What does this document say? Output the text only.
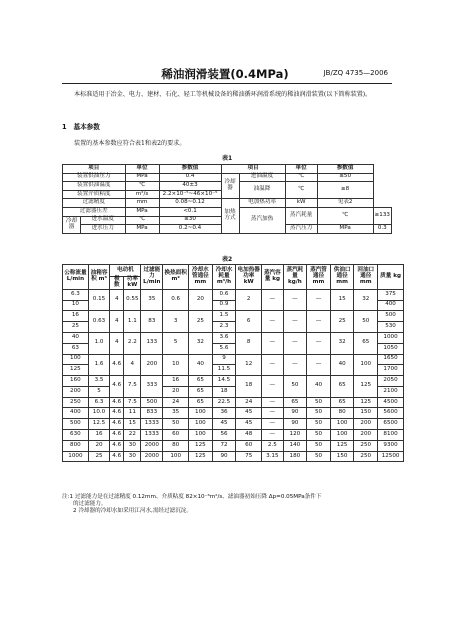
稀油润滑装置(0.4MPa)	JB/ZQ 4735—2006
本标准适用于冶金、电力、建材、石化、轻工等机械设备的稀油循环润滑系统的稀油润滑装置(以下简称装置)。
1 基本参数
装置的基本参数应符合表1和表2的要求。
表1
项目		单位	参数值	项目		单位	参数值	
装置供油压力		MPa	0.4	冷却器	进油温度	℃	≤50	
装置供油温度		℃	40±3		油温降	℃	≥8	
装置介质粘度		m²/s	2.2×10⁻⁵~46×10⁻⁵					
过滤精度		mm	0.08~0.12	加热方式	电加热功率	kW	见表2	
过滤器压差		MPa	<0.1		蒸汽加热	蒸汽耗量	℃	≥133
冷却器	进水温度	℃	≤30					
	进水压力	MPa	0.2~0.4			蒸汽压力	MPa	0.3
表2
公称流量 L/min	油箱容积 m³	电动机		过滤能力 L/min	换热面积 m²	冷却水管通径 mm	冷却水耗量 m³/h	电加热器功率 kW	蒸汽容量 kg	蒸汽耗量 kg/h	蒸汽管通径 mm	供油口通径 mm	回油口通径 mm	质量 kg
		极数	功率 kW											
6.3	0.15	4	0.55	35	0.6	20	0.6	2	—	—	—	15	32	375
10							0.9							400
16	0.63	4	1.1	83	3	25	1.5	6	—	—	—	25	50	500
25							2.3							530
40	1.0	4	2.2	133	5	32	3.6	8	—	—	—	32	65	1000
63							5.6							1050
100	1.6	4.6	4	200	10	40	9	12	—	—	—	40	100	1650
125							11.5							1700
160	3.5	4.6	7.5	333	16	65	14.5	18	—	50	40	65	125	2050
200	5				20	65	18							2100
250	6.3	4.6	7.5	500	24	65	22.5	24	—	65	50	65	125	4500
400	10.0	4.6	11	833	35	100	36	45	—	90	50	80	150	5600
500	12.5	4.6	15	1333	50	100	45	45	—	90	50	100	200	6500
630	16	4.6	22	1333	60	100	56	48	—	120	50	100	200	8100
800	20	4.6	30	2000	80	125	72	60	2.5	140	50	125	250	9300
1000	25	4.6	30	2000	100	125	90	75	3.15	180	50	150	250	12500
注:1 过滤能力是在过滤精度 0.12mm、介质粘度 82×10⁻⁶m²/s、滤油器初始压降 Δp=0.05MPa条件下
的过滤能力。
2 冷却器的冷却水如采用江河水,需经过滤沉淀。
